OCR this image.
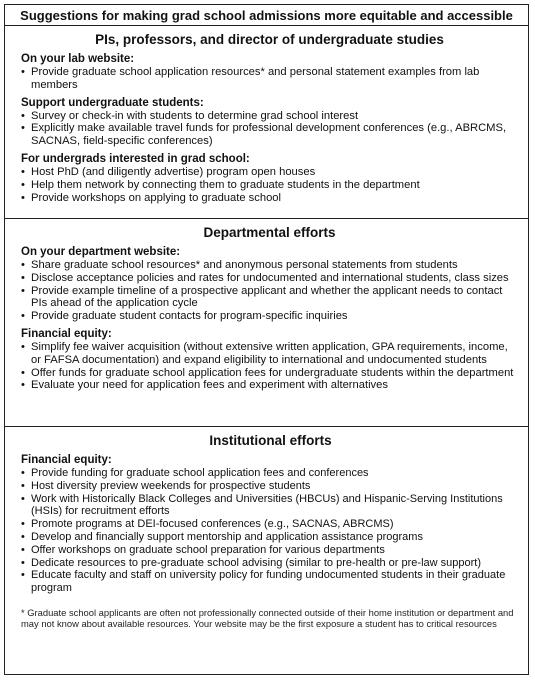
Suggestions for making grad school admissions more equitable and accessible
PIs, professors, and director of undergraduate studies
On your lab website:
• Provide graduate school application resources* and personal statement examples from lab members
Support undergraduate students:
• Survey or check-in with students to determine grad school interest
• Explicitly make available travel funds for professional development conferences (e.g., ABRCMS, SACNAS, field-specific conferences)
For undergrads interested in grad school:
• Host PhD (and diligently advertise) program open houses
• Help them network by connecting them to graduate students in the department
• Provide workshops on applying to graduate school
Departmental efforts
On your department website:
• Share graduate school resources* and anonymous personal statements from students
• Disclose acceptance policies and rates for undocumented and international students, class sizes
• Provide example timeline of a prospective applicant and whether the applicant needs to contact PIs ahead of the application cycle
• Provide graduate student contacts for program-specific inquiries
Financial equity:
• Simplify fee waiver acquisition (without extensive written application, GPA requirements, income, or FAFSA documentation) and expand eligibility to international and undocumented students
• Offer funds for graduate school application fees for undergraduate students within the department
• Evaluate your need for application fees and experiment with alternatives
Institutional efforts
Financial equity:
• Provide funding for graduate school application fees and conferences
• Host diversity preview weekends for prospective students
• Work with Historically Black Colleges and Universities (HBCUs) and Hispanic-Serving Institutions (HSIs) for recruitment efforts
• Promote programs at DEI-focused conferences (e.g., SACNAS, ABRCMS)
• Develop and financially support mentorship and application assistance programs
• Offer workshops on graduate school preparation for various departments
• Dedicate resources to pre-graduate school advising (similar to pre-health or pre-law support)
• Educate faculty and staff on university policy for funding undocumented students in their graduate program
* Graduate school applicants are often not professionally connected outside of their home institution or department and may not know about available resources. Your website may be the first exposure a student has to critical resources
